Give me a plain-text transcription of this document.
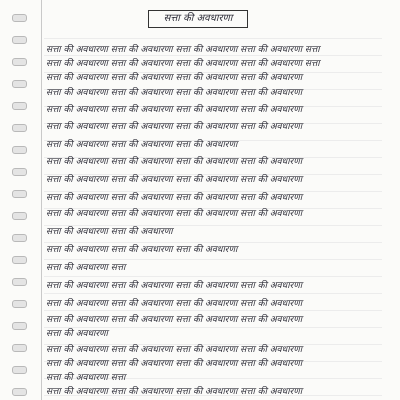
सत्ता की अवधारणा
सत्ता की अवधारणा सत्ता की अवधारणा सत्ता की अवधारणा सत्ता की अवधारणा सत्ता
सत्ता की अवधारणा सत्ता की अवधारणा सत्ता की अवधारणा सत्ता की अवधारणा सत्ता
सत्ता की अवधारणा सत्ता की अवधारणा सत्ता की अवधारणा सत्ता की अवधारणा
सत्ता की अवधारणा सत्ता की अवधारणा सत्ता की अवधारणा सत्ता की अवधारणा
सत्ता की अवधारणा सत्ता की अवधारणा सत्ता की अवधारणा सत्ता की अवधारणा
सत्ता की अवधारणा सत्ता की अवधारणा सत्ता की अवधारणा सत्ता की अवधारणा
सत्ता की अवधारणा सत्ता की अवधारणा सत्ता की अवधारणा
सत्ता की अवधारणा सत्ता की अवधारणा सत्ता की अवधारणा सत्ता की अवधारणा
सत्ता की अवधारणा सत्ता की अवधारणा सत्ता की अवधारणा सत्ता की अवधारणा
सत्ता की अवधारणा सत्ता की अवधारणा सत्ता की अवधारणा सत्ता की अवधारणा
सत्ता की अवधारणा सत्ता की अवधारणा सत्ता की अवधारणा सत्ता की अवधारणा
सत्ता की अवधारणा सत्ता की अवधारणा
सत्ता की अवधारणा सत्ता की अवधारणा सत्ता की अवधारणा
सत्ता की अवधारणा सत्ता
सत्ता की अवधारणा सत्ता की अवधारणा सत्ता की अवधारणा सत्ता की अवधारणा
सत्ता की अवधारणा सत्ता की अवधारणा सत्ता की अवधारणा सत्ता की अवधारणा
सत्ता की अवधारणा सत्ता की अवधारणा सत्ता की अवधारणा सत्ता की अवधारणा
सत्ता की अवधारणा
सत्ता की अवधारणा सत्ता की अवधारणा सत्ता की अवधारणा सत्ता की अवधारणा
सत्ता की अवधारणा सत्ता की अवधारणा सत्ता की अवधारणा सत्ता की अवधारणा
सत्ता की अवधारणा सत्ता
सत्ता की अवधारणा सत्ता की अवधारणा सत्ता की अवधारणा सत्ता की अवधारणा
